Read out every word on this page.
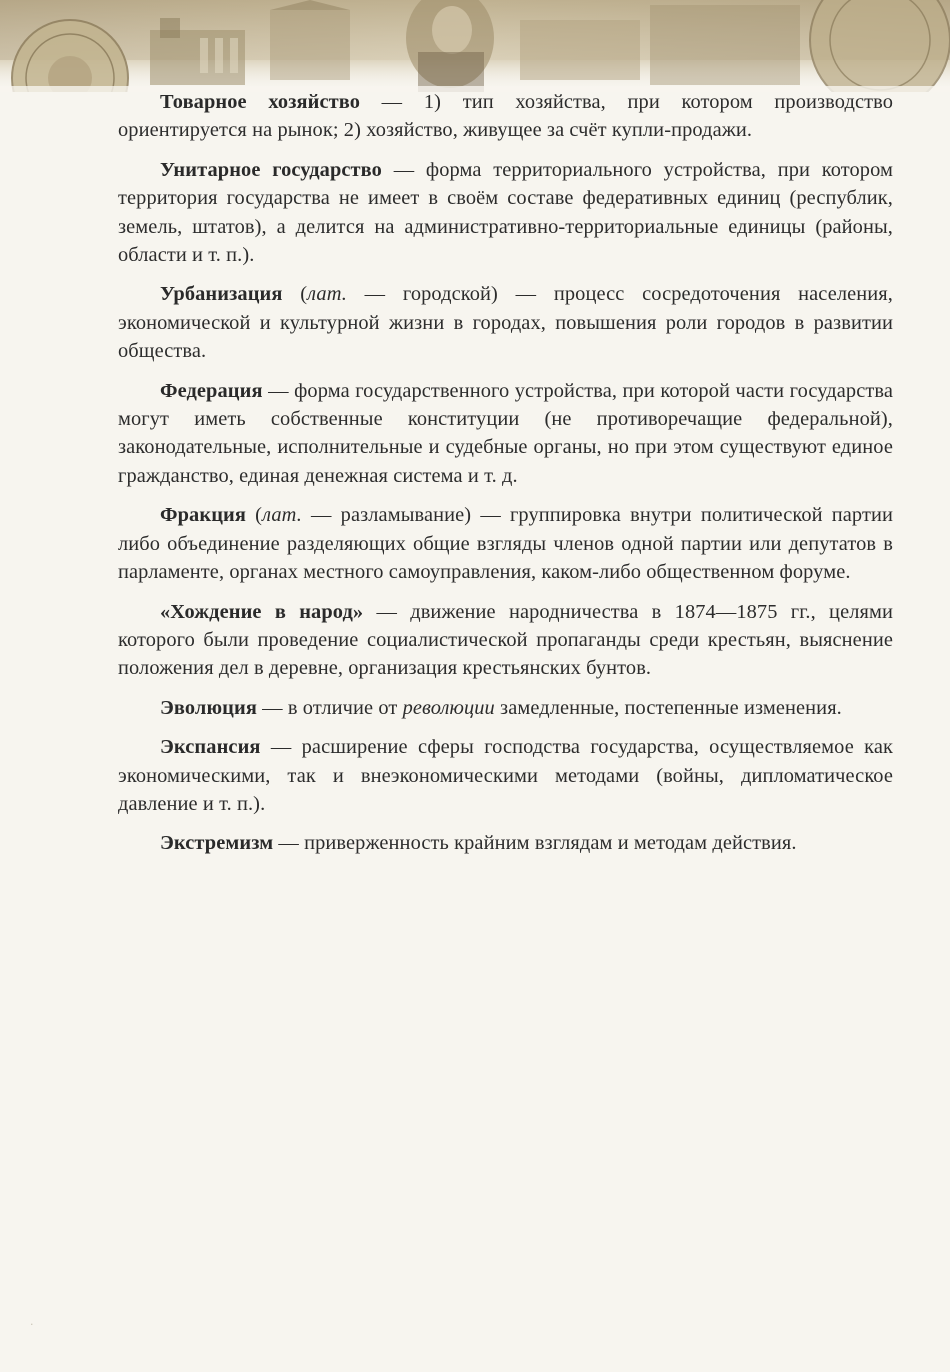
Товарное хозяйство — 1) тип хозяйства, при котором производство ориентируется на рынок; 2) хозяйство, живущее за счёт купли-продажи.

Унитарное государство — форма территориального устройства, при котором территория государства не имеет в своём составе федеративных единиц (республик, земель, штатов), а делится на административно-территориальные единицы (районы, области и т. п.).

Урбанизация (лат. — городской) — процесс сосредоточения населения, экономической и культурной жизни в городах, повышения роли городов в развитии общества.

Федерация — форма государственного устройства, при которой части государства могут иметь собственные конституции (не противоречащие федеральной), законодательные, исполнительные и судебные органы, но при этом существуют единое гражданство, единая денежная система и т. д.

Фракция (лат. — разламывание) — группировка внутри политической партии либо объединение разделяющих общие взгляды членов одной партии или депутатов в парламенте, органах местного самоуправления, каком-либо общественном форуме.

«Хождение в народ» — движение народничества в 1874—1875 гг., целями которого были проведение социалистической пропаганды среди крестьян, выяснение положения дел в деревне, организация крестьянских бунтов.

Эволюция — в отличие от революции замедленные, постепенные изменения.

Экспансия — расширение сферы господства государства, осуществляемое как экономическими, так и внеэкономическими методами (войны, дипломатическое давление и т. п.).

Экстремизм — приверженность крайним взглядам и методам действия.

·
